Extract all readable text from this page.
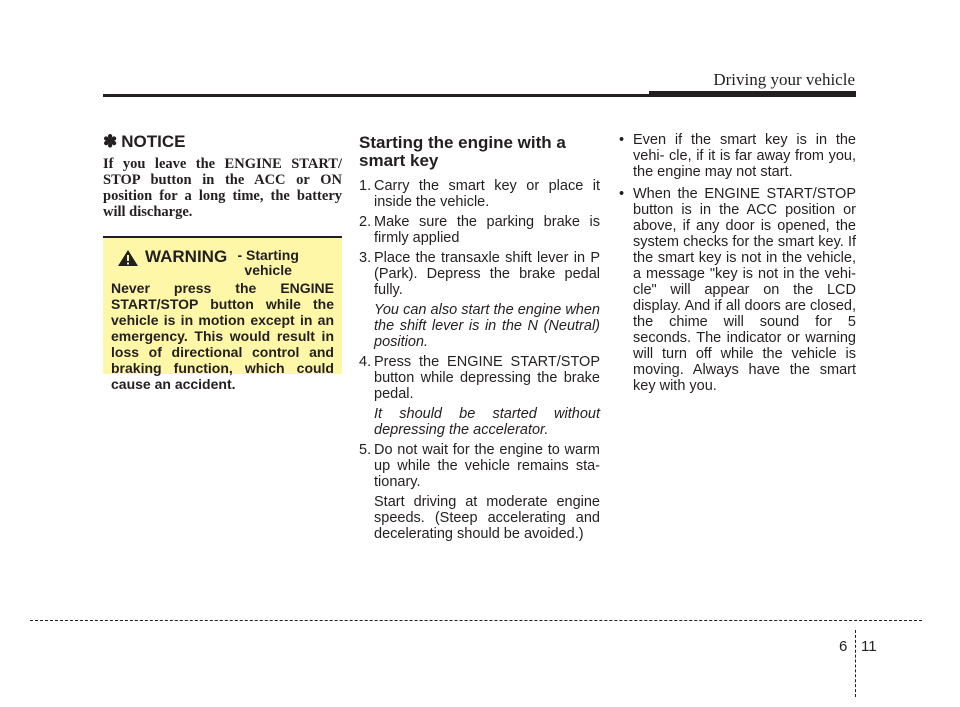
Driving your vehicle
✽ NOTICE

If you leave the ENGINE START/ STOP button in the ACC or ON position for a long time, the battery will discharge.

WARNING - Starting vehicle
Never press the ENGINE START/STOP button while the vehicle is in motion except in an emergency. This would result in loss of directional control and braking function, which could cause an accident.
Starting the engine with a smart key
1. Carry the smart key or place it inside the vehicle.
2. Make sure the parking brake is firmly applied
3. Place the transaxle shift lever in P (Park). Depress the brake pedal fully.
You can also start the engine when the shift lever is in the N (Neutral) position.
4. Press the ENGINE START/STOP button while depressing the brake pedal.
It should be started without depressing the accelerator.
5. Do not wait for the engine to warm up while the vehicle remains sta- tionary.
Start driving at moderate engine speeds. (Steep accelerating and decelerating should be avoided.)
• Even if the smart key is in the vehi- cle, if it is far away from you, the engine may not start.
• When the ENGINE START/STOP button is in the ACC position or above, if any door is opened, the system checks for the smart key. If the smart key is not in the vehicle, a message "key is not in the vehi- cle" will appear on the LCD display. And if all doors are closed, the chime will sound for 5 seconds. The indicator or warning will turn off while the vehicle is moving. Always have the smart key with you.
6 11
